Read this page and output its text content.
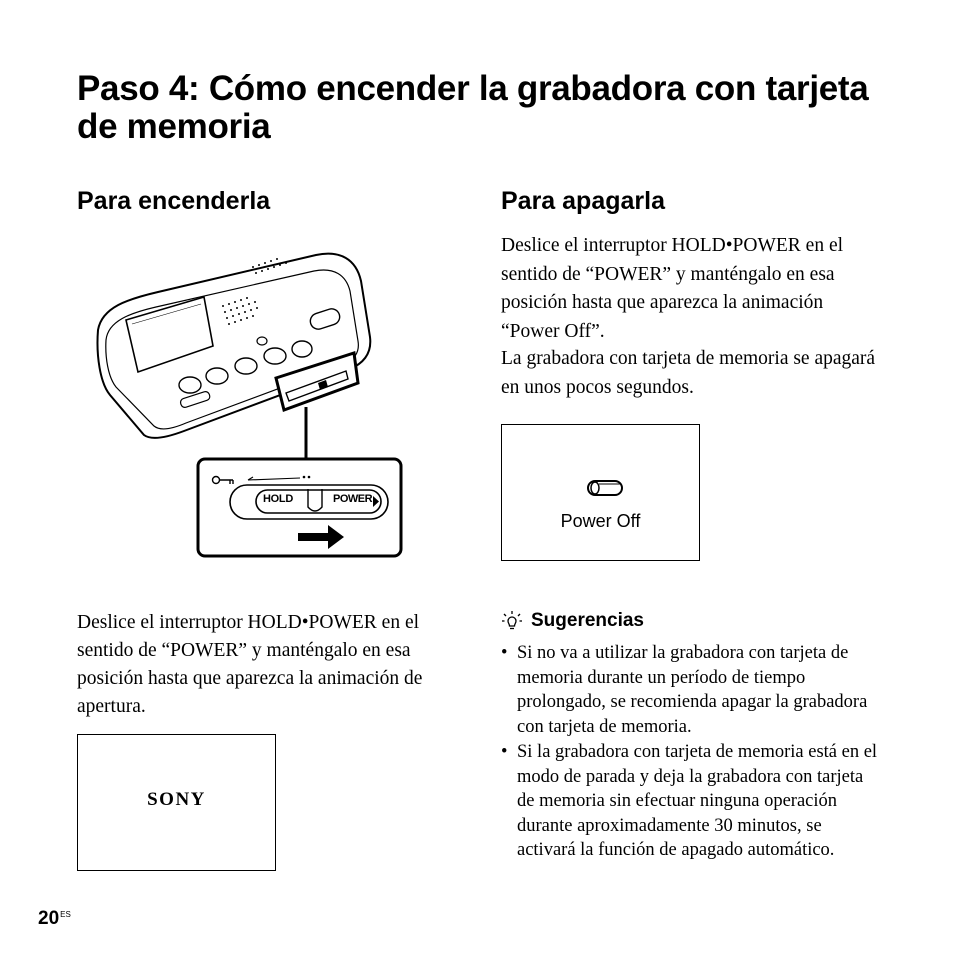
Paso 4: Cómo encender la grabadora con tarjeta de memoria
Para encenderla
HOLD	POWER

Deslice el interruptor HOLD•POWER en el sentido de “POWER” y manténgalo en esa posición hasta que aparezca la animación de apertura.

SONY
Para apagarla

Deslice el interruptor HOLD•POWER en el sentido de “POWER” y manténgalo en esa posición hasta que aparezca la animación “Power Off”.

La grabadora con tarjeta de memoria se apagará en unos pocos segundos.

Power Off
Sugerencias
• Si no va a utilizar la grabadora con tarjeta de memoria durante un período de tiempo prolongado, se recomienda apagar la grabadora con tarjeta de memoria.
• Si la grabadora con tarjeta de memoria está en el modo de parada y deja la grabadora con tarjeta de memoria sin efectuar ninguna operación durante aproximadamente 30 minutos, se activará la función de apagado automático.
$20^{ES}$
